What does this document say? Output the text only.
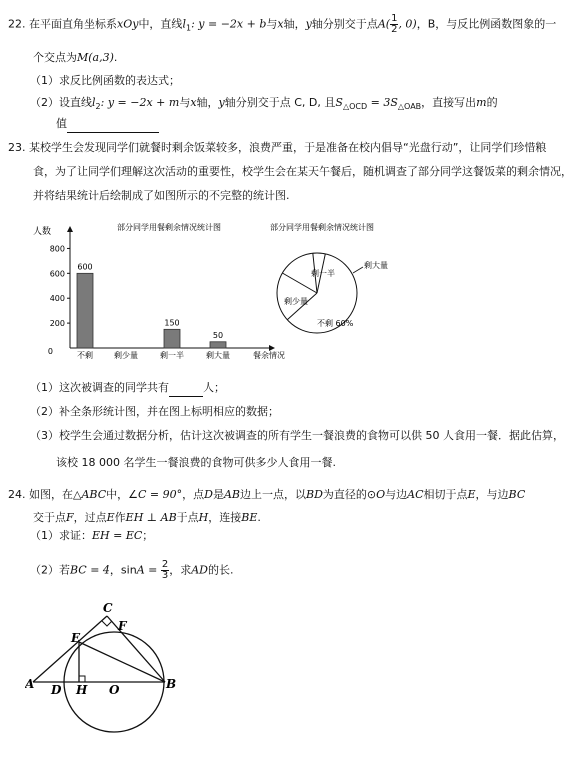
22. 在平面直角坐标系xOy中，直线$l_1$: y = −2x + b与x轴，y轴分别交于点$A( \frac{1}{2}$ , 0)，B，与反比例函数图象的一
个交点为M(a,3).
（1）求反比例函数的表达式；
（2）设直线$l_2$: y = −2x + m与x轴，y轴分别交于点 C, D, 且$S_{\triangle OCD} = 3S_{\triangle OAB}$，直接写出m的
值
23. 某校学生会发现同学们就餐时剩余饭菜较多，浪费严重，于是准备在校内倡导“光盘行动”，让同学们珍惜粮
食，为了让同学们理解这次活动的重要性，校学生会在某天午餐后，随机调查了部分同学这餐饭菜的剩余情况，
并将结果统计后绘制成了如图所示的不完整的统计图.
部分同学用餐剩余情况统计图
人数
0
200
400
600
800
600
不剩	剩少量
150
剩一半
50
剩大量	餐余情况
部分同学用餐剩余情况统计图
不剩 60%
剩少量
剩一半
剩大量
（1）这次被调查的同学共有	人；
（2）补全条形统计图，并在图上标明相应的数据；
（3）校学生会通过数据分析，估计这次被调查的所有学生一餐浪费的食物可以供 50 人食用一餐．据此估算，
该校 18 000 名学生一餐浪费的食物可供多少人食用一餐.
24. 如图，在△ABC中，∠C = 90°，点D是AB边上一点，以BD为直径的⊙O与边AC相切于点E，与边BC
交于点F，过点E作EH ⊥ AB于点H，连接BE.
（1）求证：EH = EC；
（2）若BC = 4，$\sin A = \frac{2}{3}$ ，求AD的长.
C
F
E
A D H O	B
